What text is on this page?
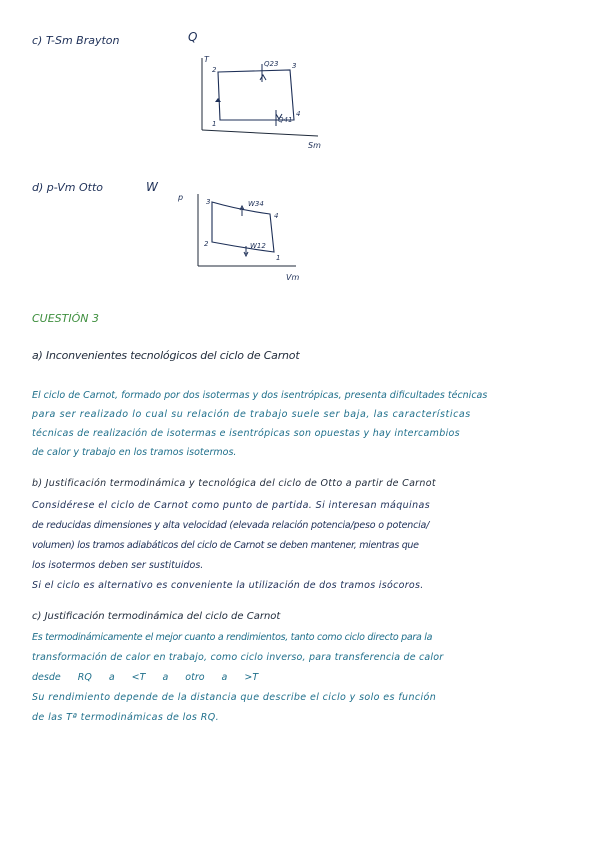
c) T-Sm Brayton	Q
T
Sm
2	3
4
1
Q23
Q41
d) p-Vm Otto	W
p
Vm
3
4
2
1
W34
W12
CUESTIÓN 3
a) Inconvenientes tecnológicos del ciclo de Carnot
El ciclo de Carnot, formado por dos isotermas y dos isentrópicas, presenta dificultades técnicas
para ser realizado lo cual su relación de trabajo suele ser baja, las características
técnicas de realización de isotermas e isentrópicas son opuestas y hay intercambios
de calor y trabajo en los tramos isotermos.
b) Justificación termodinámica y tecnológica del ciclo de Otto a partir de Carnot
Considérese el ciclo de Carnot como punto de partida. Si interesan máquinas
de reducidas dimensiones y alta velocidad (elevada relación potencia/peso o potencia/
volumen) los tramos adiabáticos del ciclo de Carnot se deben mantener, mientras que
los isotermos deben ser sustituidos.
Si el ciclo es alternativo es conveniente la utilización de dos tramos isócoros.
c) Justificación termodinámica del ciclo de Carnot
Es termodinámicamente el mejor cuanto a rendimientos, tanto como ciclo directo para la
transformación de calor en trabajo, como ciclo inverso, para transferencia de calor
desde RQ a <T a otro a >T
Su rendimiento depende de la distancia que describe el ciclo y solo es función
de las Tª termodinámicas de los RQ.
